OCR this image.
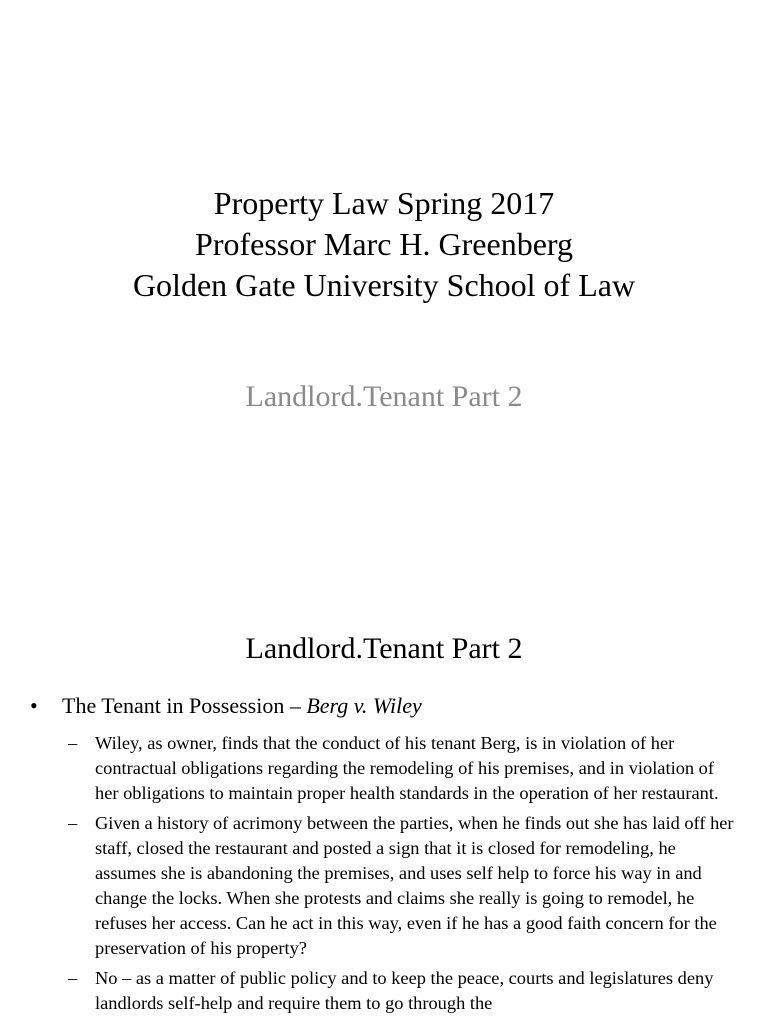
Property Law Spring 2017
Professor Marc H. Greenberg
Golden Gate University School of Law
Landlord.Tenant Part 2
Landlord.Tenant Part 2
• The Tenant in Possession – Berg v. Wiley
– Wiley, as owner, finds that the conduct of his tenant Berg, is in violation of her contractual obligations regarding the remodeling of his premises, and in violation of her obligations to maintain proper health standards in the operation of her restaurant.
– Given a history of acrimony between the parties, when he finds out she has laid off her staff, closed the restaurant and posted a sign that it is closed for remodeling, he assumes she is abandoning the premises, and uses self help to force his way in and change the locks. When she protests and claims she really is going to remodel, he refuses her access. Can he act in this way, even if he has a good faith concern for the preservation of his property?
– No – as a matter of public policy and to keep the peace, courts and legislatures deny landlords self-help and require them to go through the
